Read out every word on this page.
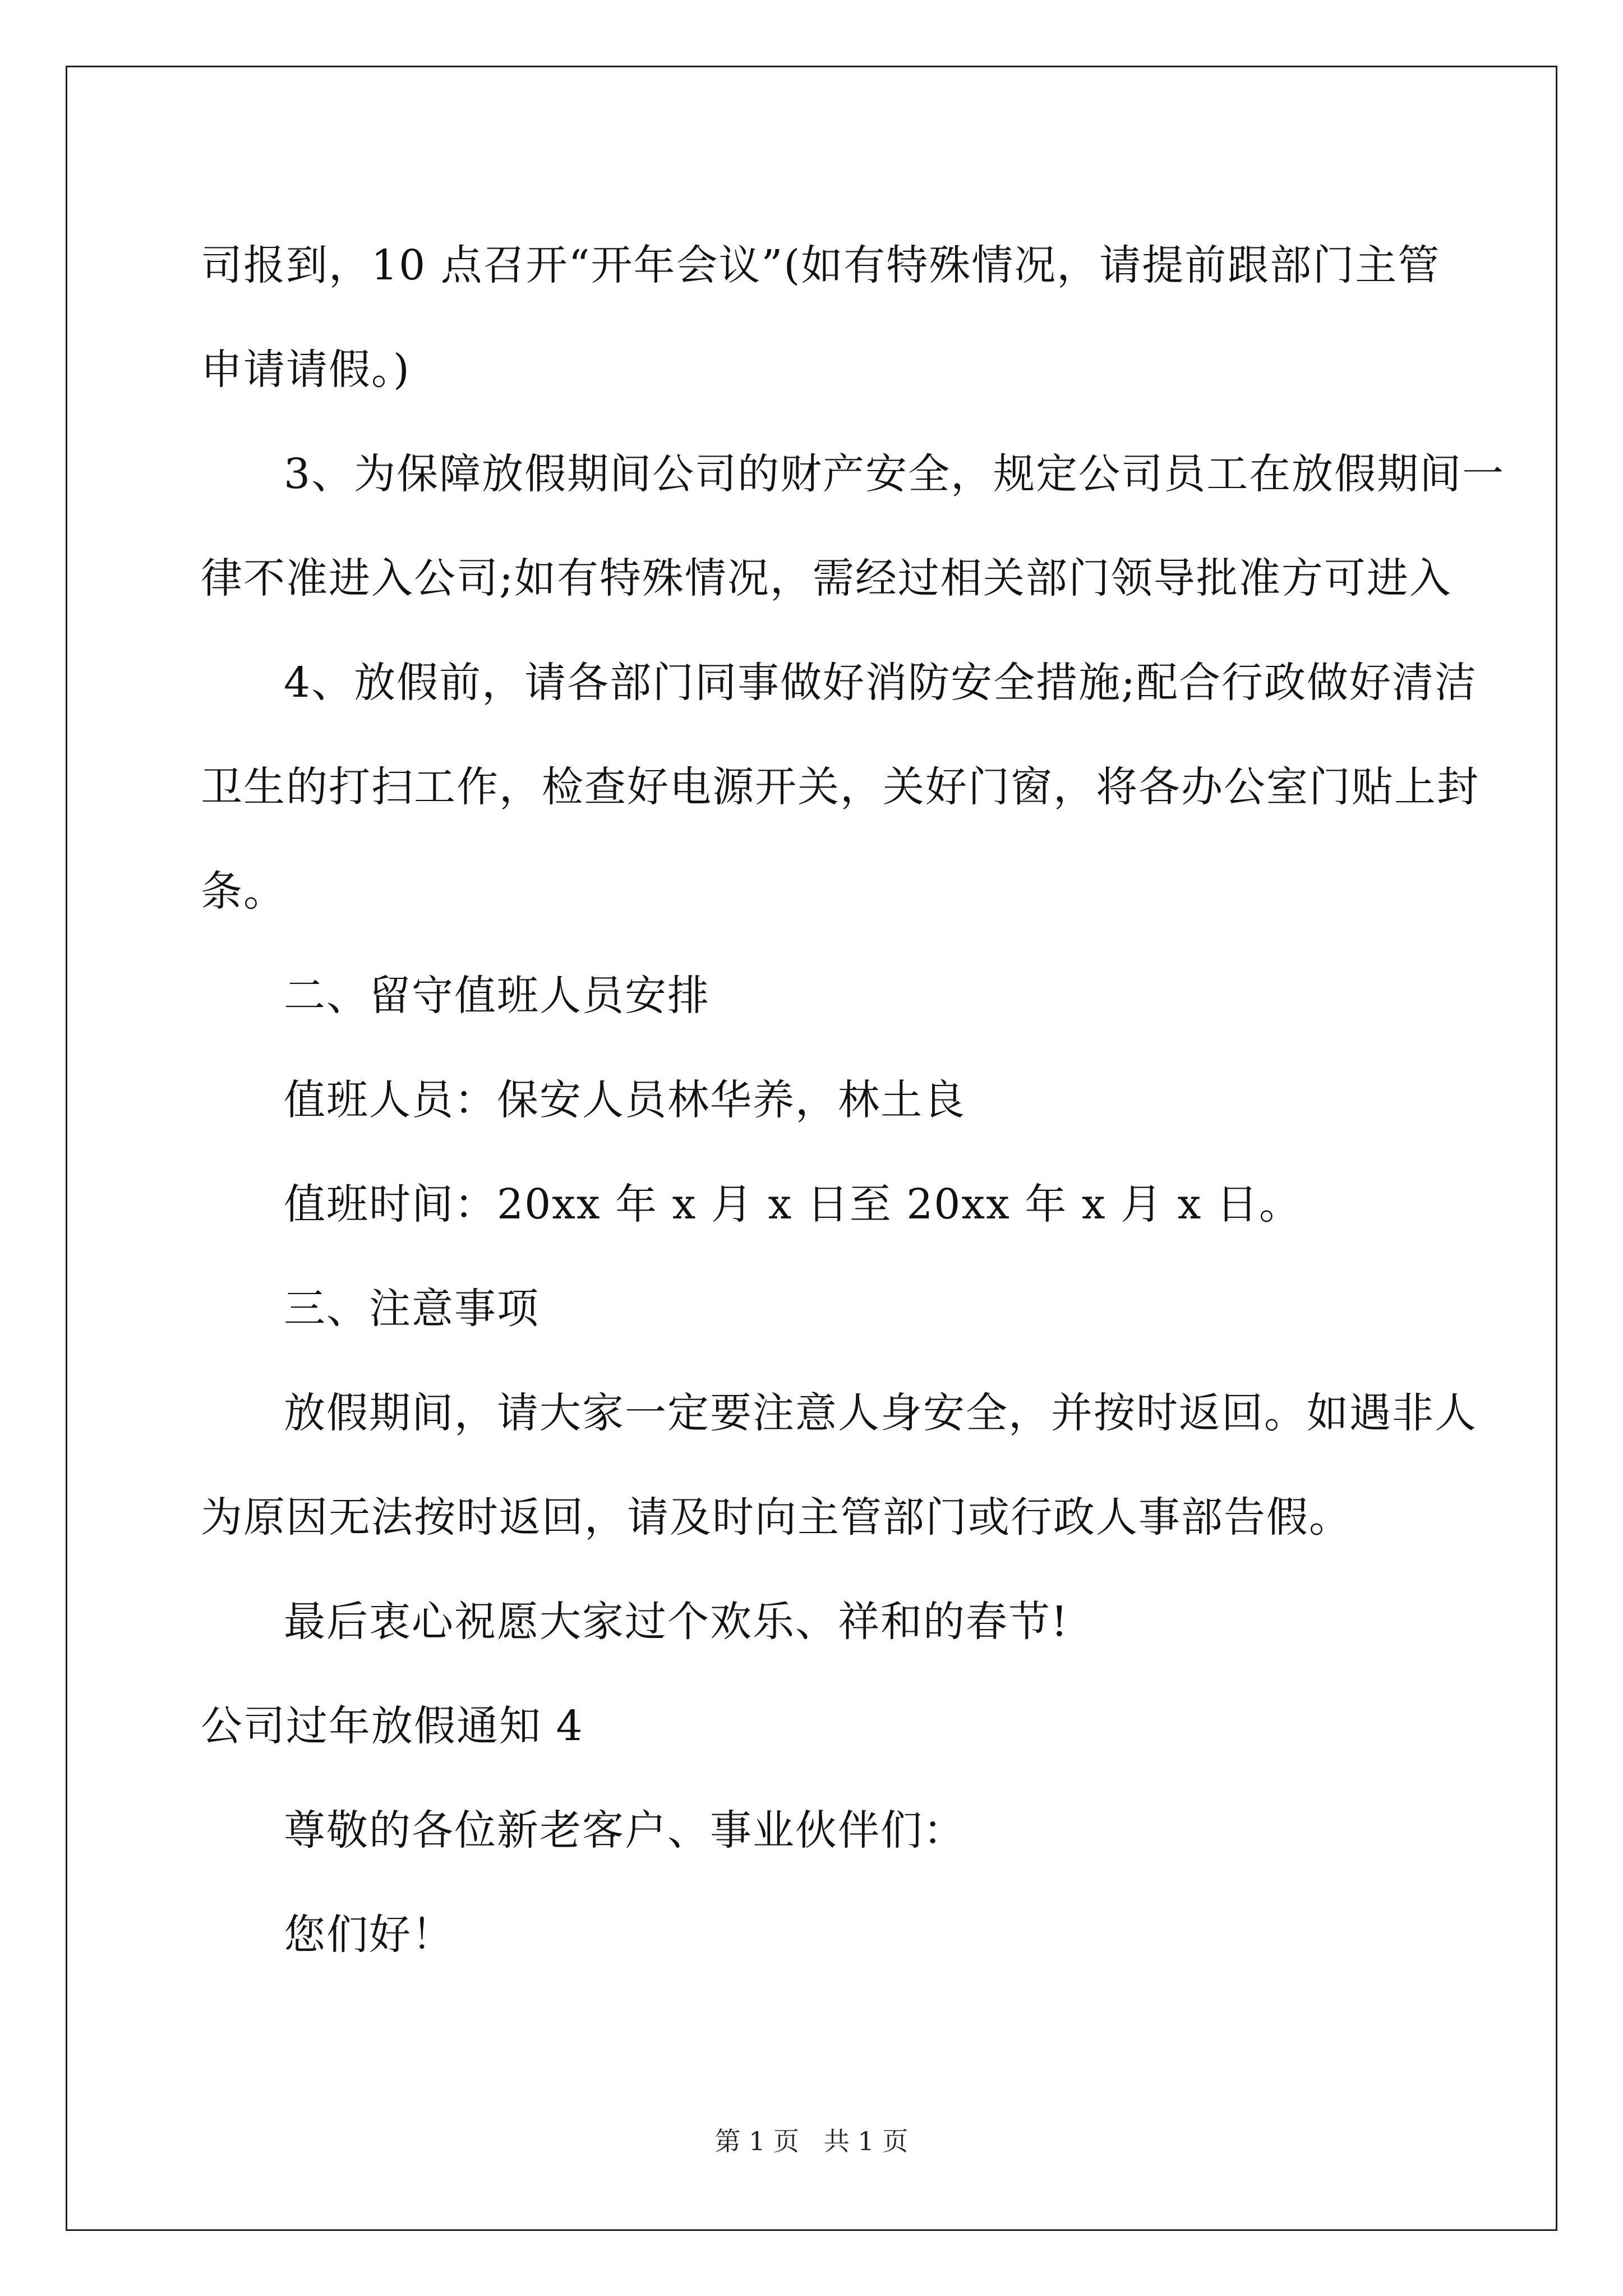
司报到，10 点召开“开年会议”(如有特殊情况，请提前跟部门主管
申请请假。)
3、为保障放假期间公司的财产安全，规定公司员工在放假期间一
律不准进入公司;如有特殊情况，需经过相关部门领导批准方可进入
4、放假前，请各部门同事做好消防安全措施;配合行政做好清洁
卫生的打扫工作，检查好电源开关，关好门窗，将各办公室门贴上封
条。
二、留守值班人员安排
值班人员：保安人员林华养，林土良
值班时间：20xx 年 x 月 x 日至 20xx 年 x 月 x 日。
三、注意事项
放假期间，请大家一定要注意人身安全，并按时返回。如遇非人
为原因无法按时返回，请及时向主管部门或行政人事部告假。
最后衷心祝愿大家过个欢乐、祥和的春节!
公司过年放假通知 4
尊敬的各位新老客户、事业伙伴们：
您们好！
第 1 页   共 1 页
